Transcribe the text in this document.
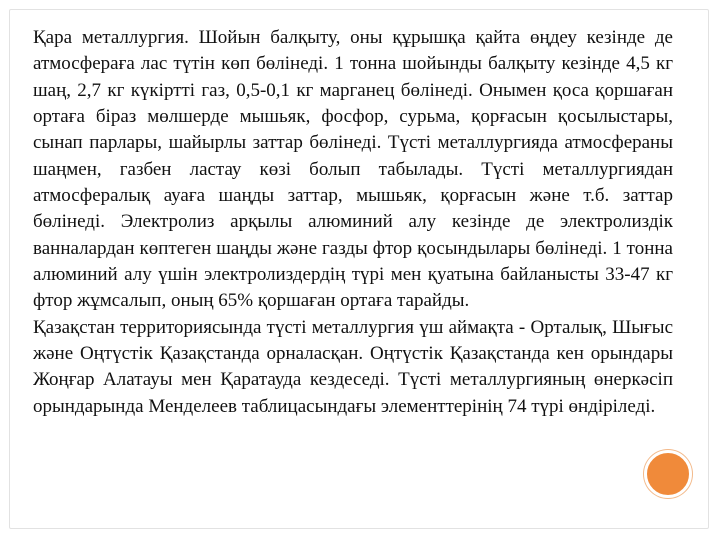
Қара металлургия. Шойын балқыту, оны құрышқа қайта өңдеу кезінде де атмосфераға лас түтін көп бөлінеді. 1 тонна шойынды балқыту кезінде 4,5 кг шаң, 2,7 кг күкіртті газ, 0,5-0,1 кг марганец бөлінеді. Онымен қоса қоршаған ортаға біраз мөлшерде мышьяк, фосфор, сурьма, қорғасын қосылыстары, сынап парлары, шайырлы заттар бөлінеді. Түсті металлургияда атмосфераны шаңмен, газбен ластау көзі болып табылады. Түсті металлургиядан атмосфералық ауаға шаңды заттар, мышьяк, қорғасын және т.б. заттар бөлінеді. Электролиз арқылы алюминий алу кезінде де электролиздік ванналардан көптеген шаңды және газды фтор қосындылары бөлінеді. 1 тонна алюминий алу үшін электролиздердің түрі мен қуатына байланысты 33-47 кг фтор жұмсалып, оның 65% қоршаған ортаға тарайды.

Қазақстан территориясында түсті металлургия үш аймақта - Орталық, Шығыс және Оңтүстік Қазақстанда орналасқан. Оңтүстік Қазақстанда кен орындары Жоңғар Алатауы мен Қаратауда кездеседі. Түсті металлургияның өнеркәсіп орындарында Менделеев таблицасындағы элементтерінің 74 түрі өндіріледі.
